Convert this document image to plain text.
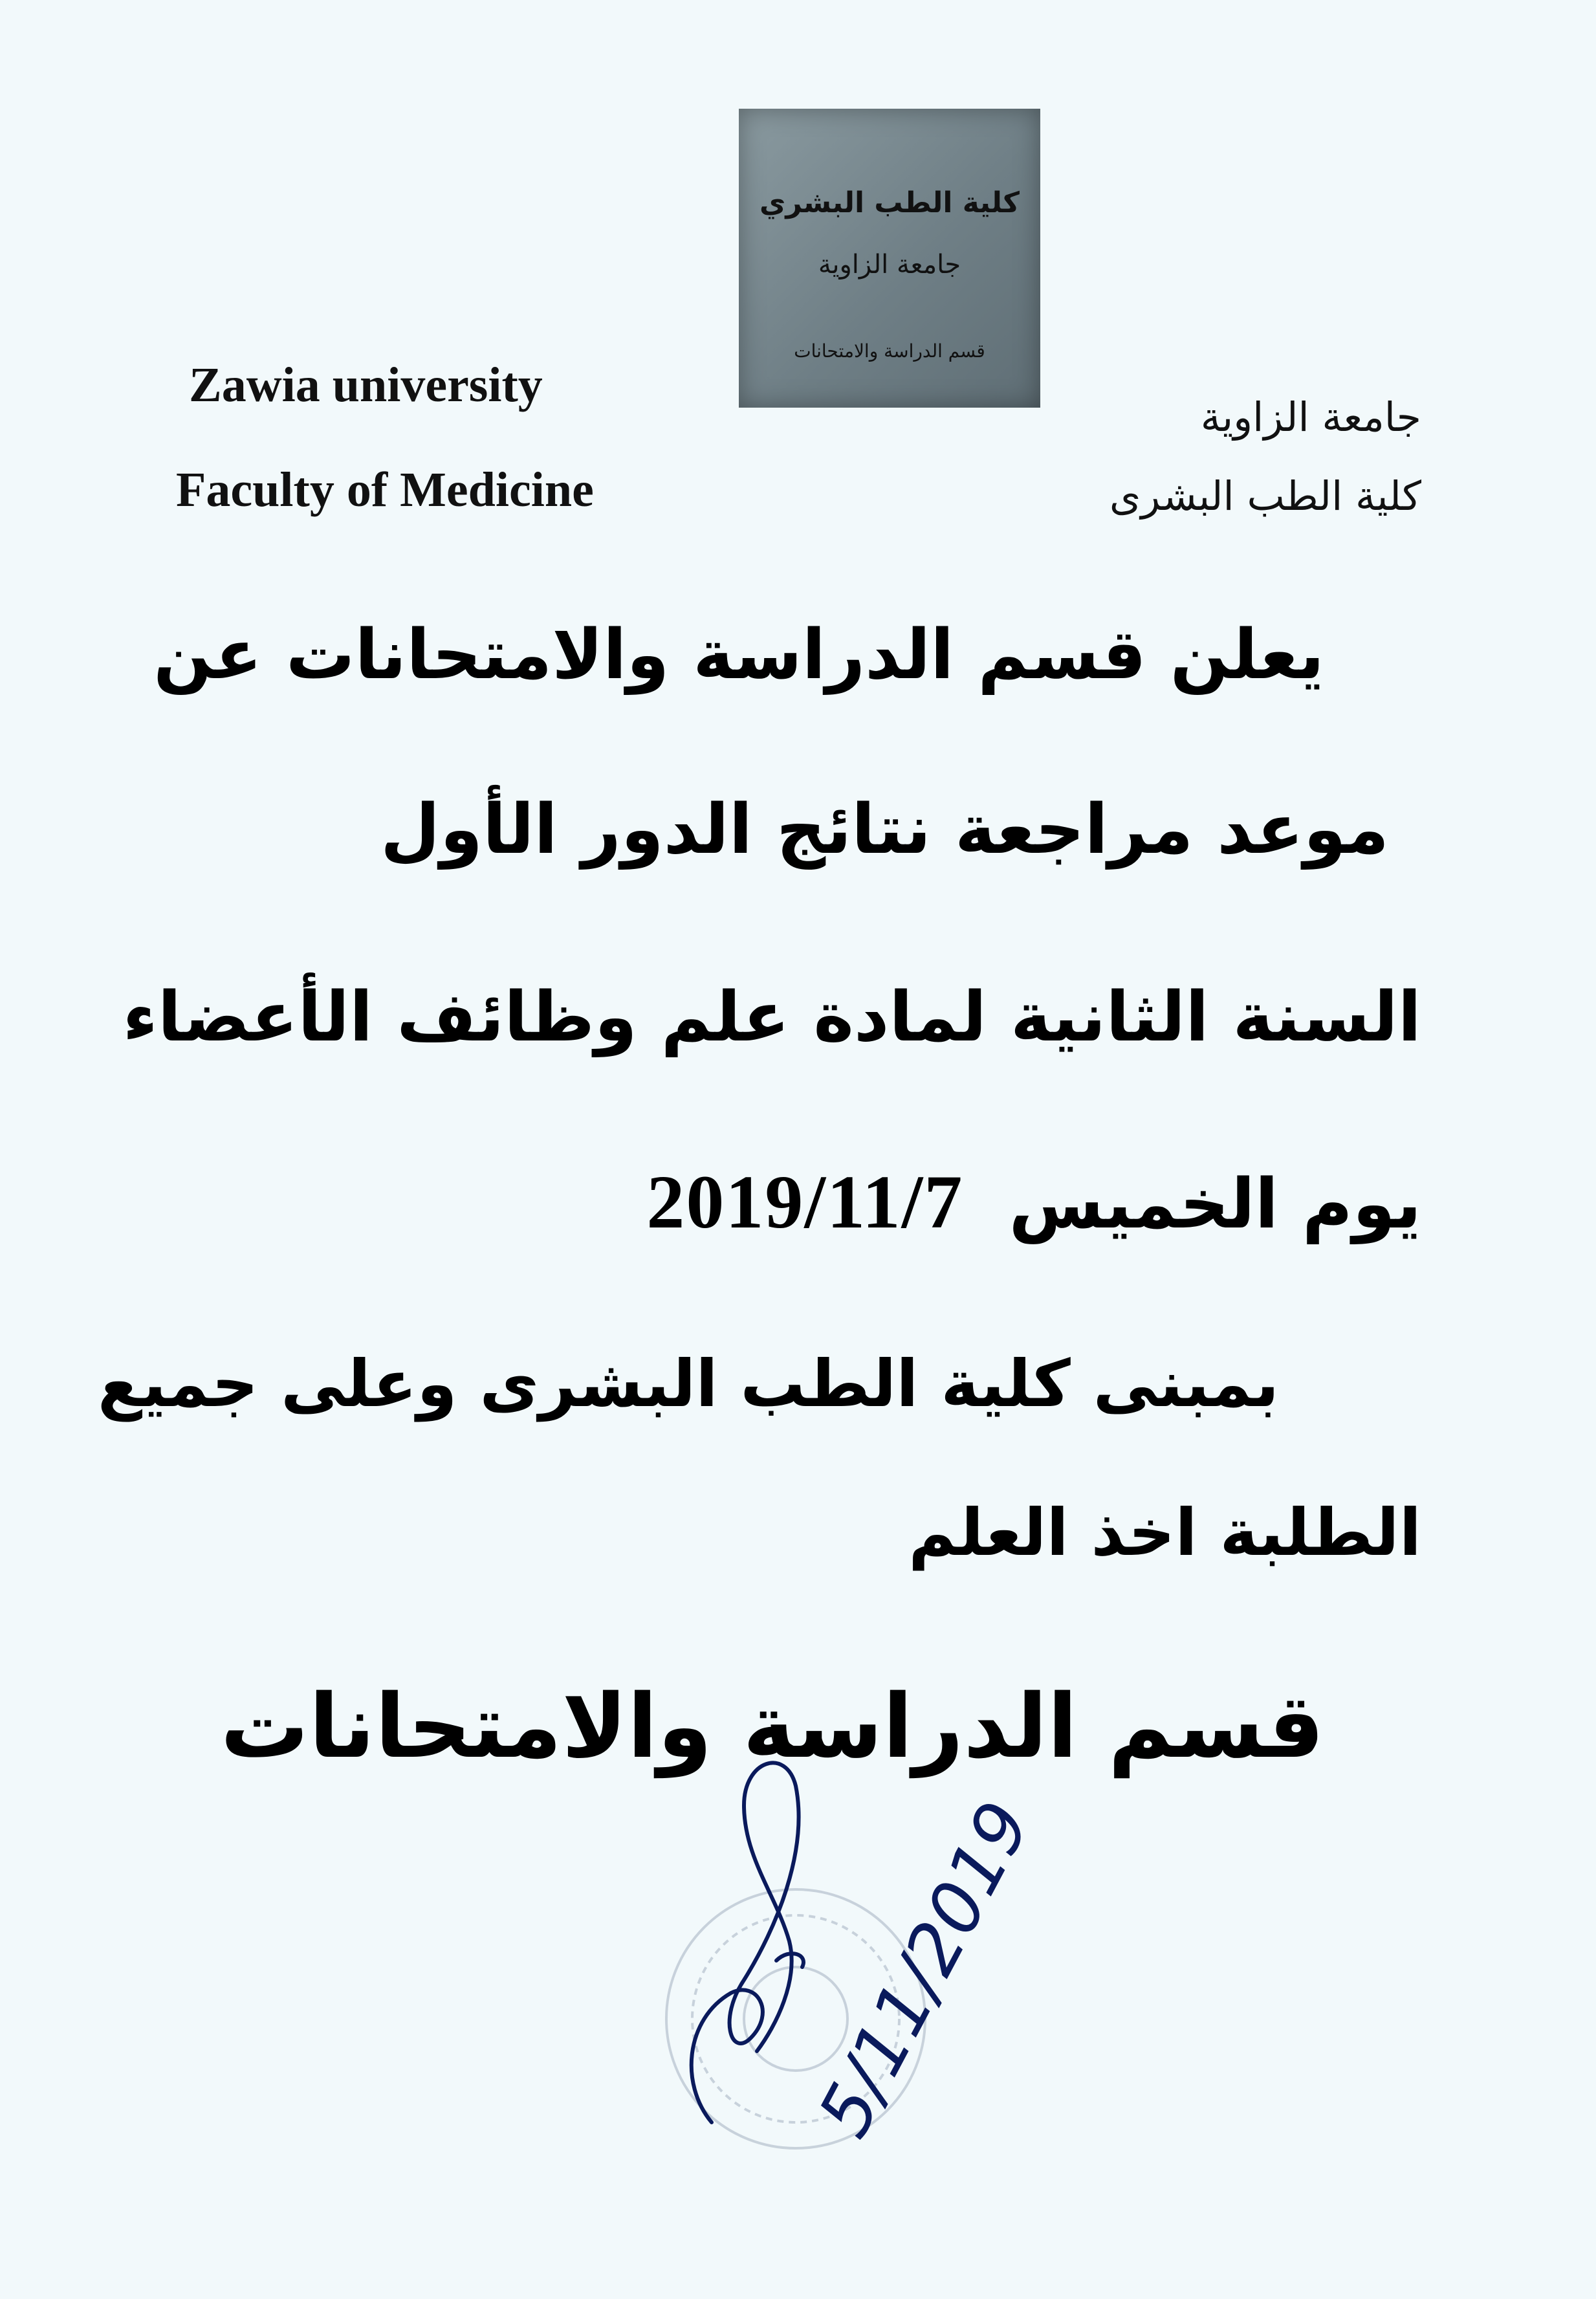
كلية الطب البشري
جامعة الزاوية
قسم الدراسة والامتحانات
Zawia university
Faculty of Medicine
جامعة الزاوية
كلية الطب البشرى
يعلن قسم الدراسة والامتحانات عن
موعد مراجعة نتائج الدور الأول
السنة الثانية لمادة علم وظائف الأعضاء
يوم الخميس2019/11/7
بمبنى كلية الطب البشرى وعلى جميع
الطلبة اخذ العلم
قسم الدراسة والامتحانات
5/11/2019
